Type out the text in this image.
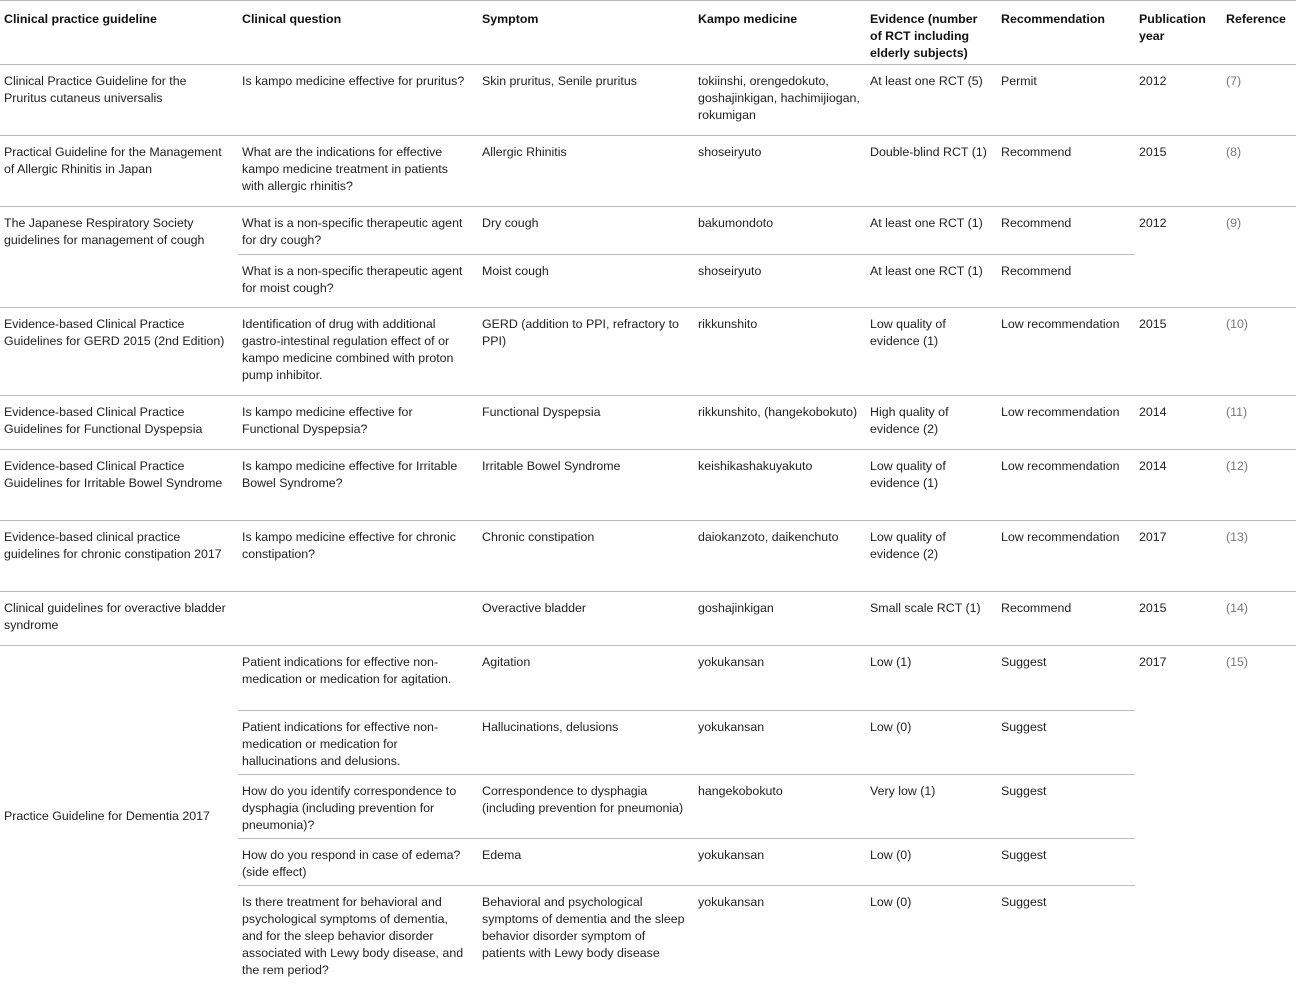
Clinical practice guideline	Clinical question	Symptom	Kampo medicine	Evidence (number of RCT including elderly subjects)	Recommendation	Publication year	Reference
Clinical Practice Guideline for the Pruritus cutaneus universalis	Is kampo medicine effective for pruritus?	Skin pruritus, Senile pruritus	tokiinshi, orengedokuto, goshajinkigan, hachimijiogan, rokumigan	At least one RCT (5)	Permit	2012	(7)
Practical Guideline for the Management of Allergic Rhinitis in Japan	What are the indications for effective kampo medicine treatment in patients with allergic rhinitis?	Allergic Rhinitis	shoseiryuto	Double-blind RCT (1)	Recommend	2015	(8)
The Japanese Respiratory Society guidelines for management of cough	What is a non-specific therapeutic agent for dry cough?	Dry cough	bakumondoto	At least one RCT (1)	Recommend	2012	(9)
	What is a non-specific therapeutic agent for moist cough?	Moist cough	shoseiryuto	At least one RCT (1)	Recommend		
Evidence-based Clinical Practice Guidelines for GERD 2015 (2nd Edition)	Identification of drug with additional gastro-intestinal regulation effect of or kampo medicine combined with proton pump inhibitor.	GERD (addition to PPI, refractory to PPI)	rikkunshito	Low quality of evidence (1)	Low recommendation	2015	(10)
Evidence-based Clinical Practice Guidelines for Functional Dyspepsia	Is kampo medicine effective for Functional Dyspepsia?	Functional Dyspepsia	rikkunshito, (hangekobokuto)	High quality of evidence (2)	Low recommendation	2014	(11)
Evidence-based Clinical Practice Guidelines for Irritable Bowel Syndrome	Is kampo medicine effective for Irritable Bowel Syndrome?	Irritable Bowel Syndrome	keishikashakuyakuto	Low quality of evidence (1)	Low recommendation	2014	(12)
Evidence-based clinical practice guidelines for chronic constipation 2017	Is kampo medicine effective for chronic constipation?	Chronic constipation	daiokanzoto, daikenchuto	Low quality of evidence (2)	Low recommendation	2017	(13)
Clinical guidelines for overactive bladder syndrome		Overactive bladder	goshajinkigan	Small scale RCT (1)	Recommend	2015	(14)
Practice Guideline for Dementia 2017	Patient indications for effective non-medication or medication for agitation.	Agitation	yokukansan	Low (1)	Suggest	2017	(15)
	Patient indications for effective non-medication or medication for hallucinations and delusions.	Hallucinations, delusions	yokukansan	Low (0)	Suggest		
	How do you identify correspondence to dysphagia (including prevention for pneumonia)?	Correspondence to dysphagia (including prevention for pneumonia)	hangekobokuto	Very low (1)	Suggest		
	How do you respond in case of edema? (side effect)	Edema	yokukansan	Low (0)	Suggest		
	Is there treatment for behavioral and psychological symptoms of dementia, and for the sleep behavior disorder associated with Lewy body disease, and the rem period?	Behavioral and psychological symptoms of dementia and the sleep behavior disorder symptom of patients with Lewy body disease	yokukansan	Low (0)	Suggest		
